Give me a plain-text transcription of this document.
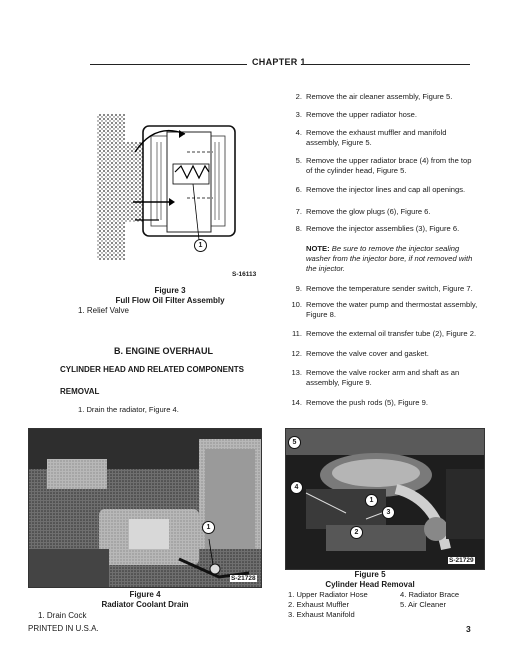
CHAPTER 1
1
S-16113
Figure 3
Full Flow Oil Filter Assembly
1. Relief Valve
B. ENGINE OVERHAUL
CYLINDER HEAD AND RELATED COMPONENTS
REMOVAL
1. Drain the radiator, Figure 4.
2. Remove the air cleaner assembly, Figure 5.
3. Remove the upper radiator hose.
4. Remove the exhaust muffler and manifold assembly, Figure 5.
5. Remove the upper radiator brace (4) from the top of the cylinder head, Figure 5.
6. Remove the injector lines and cap all openings.
7. Remove the glow plugs (6), Figure 6.
8. Remove the injector assemblies (3), Figure 6.
NOTE: Be sure to remove the injector sealing washer from the injector bore, if not removed with the injector.
9. Remove the temperature sender switch, Figure 7.
10. Remove the water pump and thermostat assembly, Figure 8.
11. Remove the external oil transfer tube (2), Figure 2.
12. Remove the valve cover and gasket.
13. Remove the valve rocker arm and shaft as an assembly, Figure 9.
14. Remove the push rods (5), Figure 9.
1
S-21728
Figure 4
Radiator Coolant Drain
1. Drain Cock
5
4
1
3
2
S-21729
Figure 5
Cylinder Head Removal
1. Upper Radiator Hose
2. Exhaust Muffler
3. Exhaust Manifold
4. Radiator Brace
5. Air Cleaner
PRINTED IN U.S.A.	3
